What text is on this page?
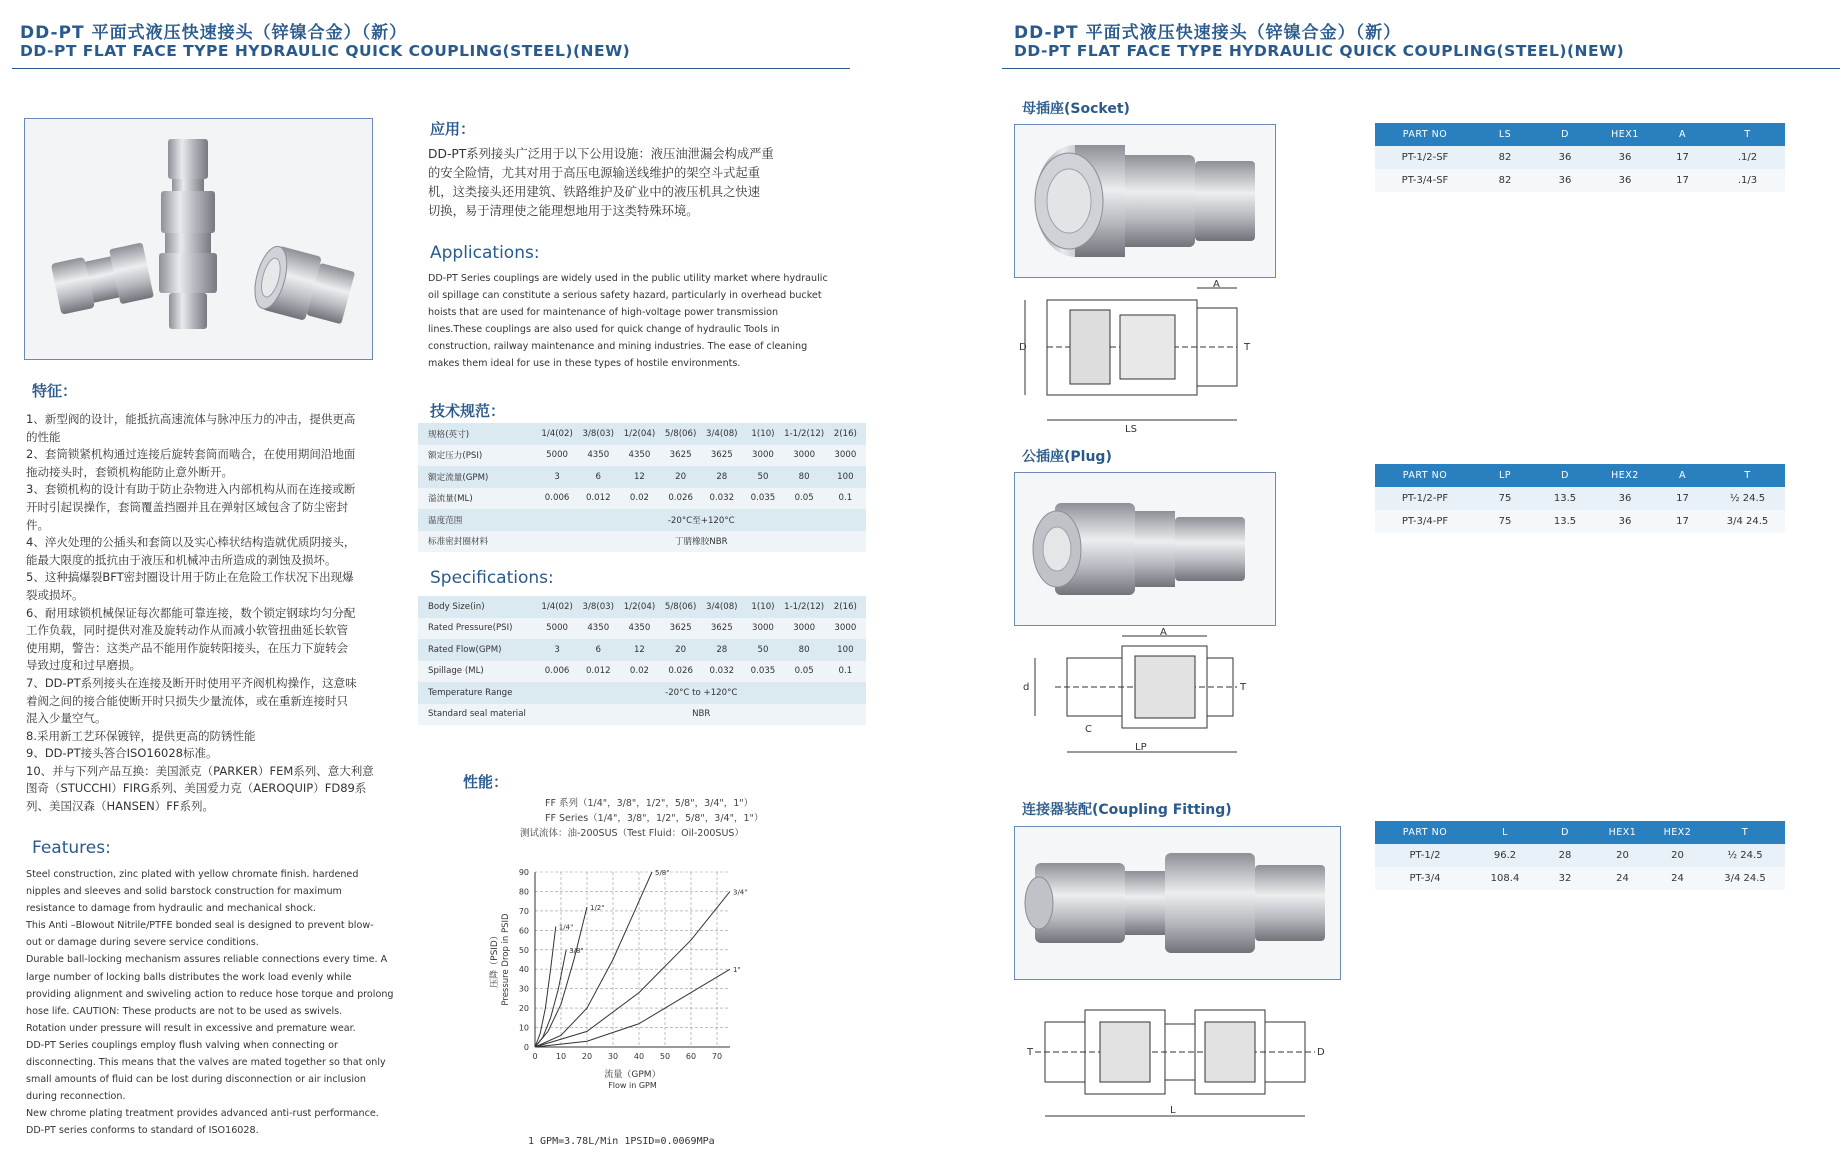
DD-PT 平面式液压快速接头（锌镍合金）（新）
DD-PT FLAT FACE TYPE HYDRAULIC QUICK COUPLING(STEEL)(NEW)
特征：
1、新型阀的设计，能抵抗高速流体与脉冲压力的冲击，提供更高
的性能
2、套筒锁紧机构通过连接后旋转套筒而啮合，在使用期间沿地面
拖动接头时，套锁机构能防止意外断开。
3、套锁机构的设计有助于防止杂物进入内部机构从而在连接或断
开时引起误操作，套筒覆盖挡圈并且在弹射区域包含了防尘密封
件。
4、淬火处理的公插头和套筒以及实心棒状结构造就优质阴接头，
能最大限度的抵抗由于液压和机械冲击所造成的剥蚀及损坏。
5、这种搞爆裂BFT密封圈设计用于防止在危险工作状况下出现爆
裂或损坏。
6、耐用球锁机械保证每次都能可靠连接，数个锁定钢球均匀分配
工作负载，同时提供对准及旋转动作从而减小软管扭曲延长软管
使用期，警告：这类产品不能用作旋转阳接头，在压力下旋转会
导致过度和过早磨损。
7、DD-PT系列接头在连接及断开时使用平齐阀机构操作，这意味
着阀之间的接合能使断开时只损失少量流体，或在重新连接时只
混入少量空气。
8.采用新工艺环保镀锌，提供更高的防锈性能
9、DD-PT接头答合ISO16028标准。
10、并与下列产品互换：美国派克（PARKER）FEM系列、意大利意
图奇（STUCCHI）FIRG系列、美国爱力克（AEROQUIP）FD89系
列、美国汉森（HANSEN）FF系列。
Features:
Steel construction, zinc plated with yellow chromate finish. hardened
nipples and sleeves and solid barstock construction for maximum
resistance to damage from hydraulic and mechanical shock.
This Anti –Blowout Nitrile/PTFE bonded seal is designed to prevent blow-
out or damage during severe service conditions.
Durable ball-locking mechanism assures reliable connections every time. A
large number of locking balls distributes the work load evenly while
providing alignment and swiveling action to reduce hose torque and prolong
hose life. CAUTION: These products are not to be used as swivels.
Rotation under pressure will result in excessive and premature wear.
DD-PT Series couplings employ flush valving when connecting or
disconnecting. This means that the valves are mated together so that only
small amounts of fluid can be lost during disconnection or air inclusion
during reconnection.
New chrome plating treatment provides advanced anti-rust performance.
DD-PT series conforms to standard of ISO16028.
应用：
DD-PT系列接头广泛用于以下公用设施：液压油泄漏会构成严重
的安全险情，尤其对用于高压电源输送线维护的架空斗式起重
机，这类接头还用建筑、铁路维护及矿业中的液压机具之快速
切换，易于清理使之能理想地用于这类特殊环境。
Applications:
DD-PT Series couplings are widely used in the public utility market where hydraulic
oil spillage can constitute a serious safety hazard, particularly in overhead bucket
hoists that are used for maintenance of high-voltage power transmission
lines.These couplings are also used for quick change of hydraulic Tools in
construction, railway maintenance and mining industries. The ease of cleaning
makes them ideal for use in these types of hostile environments.
技术规范：
规格(英寸)	1/4(02)	3/8(03)	1/2(04)	5/8(06)	3/4(08)	1(10)	1-1/2(12)	2(16)
额定压力(PSI)	5000	4350	4350	3625	3625	3000	3000	3000
额定流量(GPM)	3	6	12	20	28	50	80	100
溢流量(ML)	0.006	0.012	0.02	0.026	0.032	0.035	0.05	0.1
温度范围	-20°C至+120°C							
标准密封圈材料	丁腈橡胶NBR							
Specifications:
Body Size(in)	1/4(02)	3/8(03)	1/2(04)	5/8(06)	3/4(08)	1(10)	1-1/2(12)	2(16)
Rated Pressure(PSI)	5000	4350	4350	3625	3625	3000	3000	3000
Rated Flow(GPM)	3	6	12	20	28	50	80	100
Spillage (ML)	0.006	0.012	0.02	0.026	0.032	0.035	0.05	0.1
Temperature Range	-20°C to +120°C							
Standard seal material	NBR							
性能：
FF 系列（1/4"，3/8"，1/2"，5/8"，3/4"，1"）
FF Series（1/4"，3/8"，1/2"，5/8"，3/4"，1"）
测试流体：油-200SUS（Test Fluid：Oil-200SUS）
0
10
20
30
40
50
60
70
80
90
0 10 20 30 40 50 60 70
流量（GPM）
Flow in GPM
压降（PSID） Pressure Drop in PSID	1/4"
3/8"
1/2"
5/8"
3/4"
1"
1 GPM=3.78L/Min 1PSID=0.0069MPa
DD-PT 平面式液压快速接头（锌镍合金）（新）
DD-PT FLAT FACE TYPE HYDRAULIC QUICK COUPLING(STEEL)(NEW)
母插座(Socket)
PART NO	LS	D	HEX1	A	T
PT-1/2-SF	82	36	36	17	.1/2
PT-3/4-SF	82	36	36	17	.1/3
D
A
T
LS
公插座(Plug)
PART NO	LP	D	HEX2	A	T
PT-1/2-PF	75	13.5	36	17	½ 24.5
PT-3/4-PF	75	13.5	36	17	3/4 24.5
d
A
T
C
LP
连接器装配(Coupling Fitting)
PART NO	L	D	HEX1	HEX2	T
PT-1/2	96.2	28	20	20	½ 24.5
PT-3/4	108.4	32	24	24	3/4 24.5
T	D
L
